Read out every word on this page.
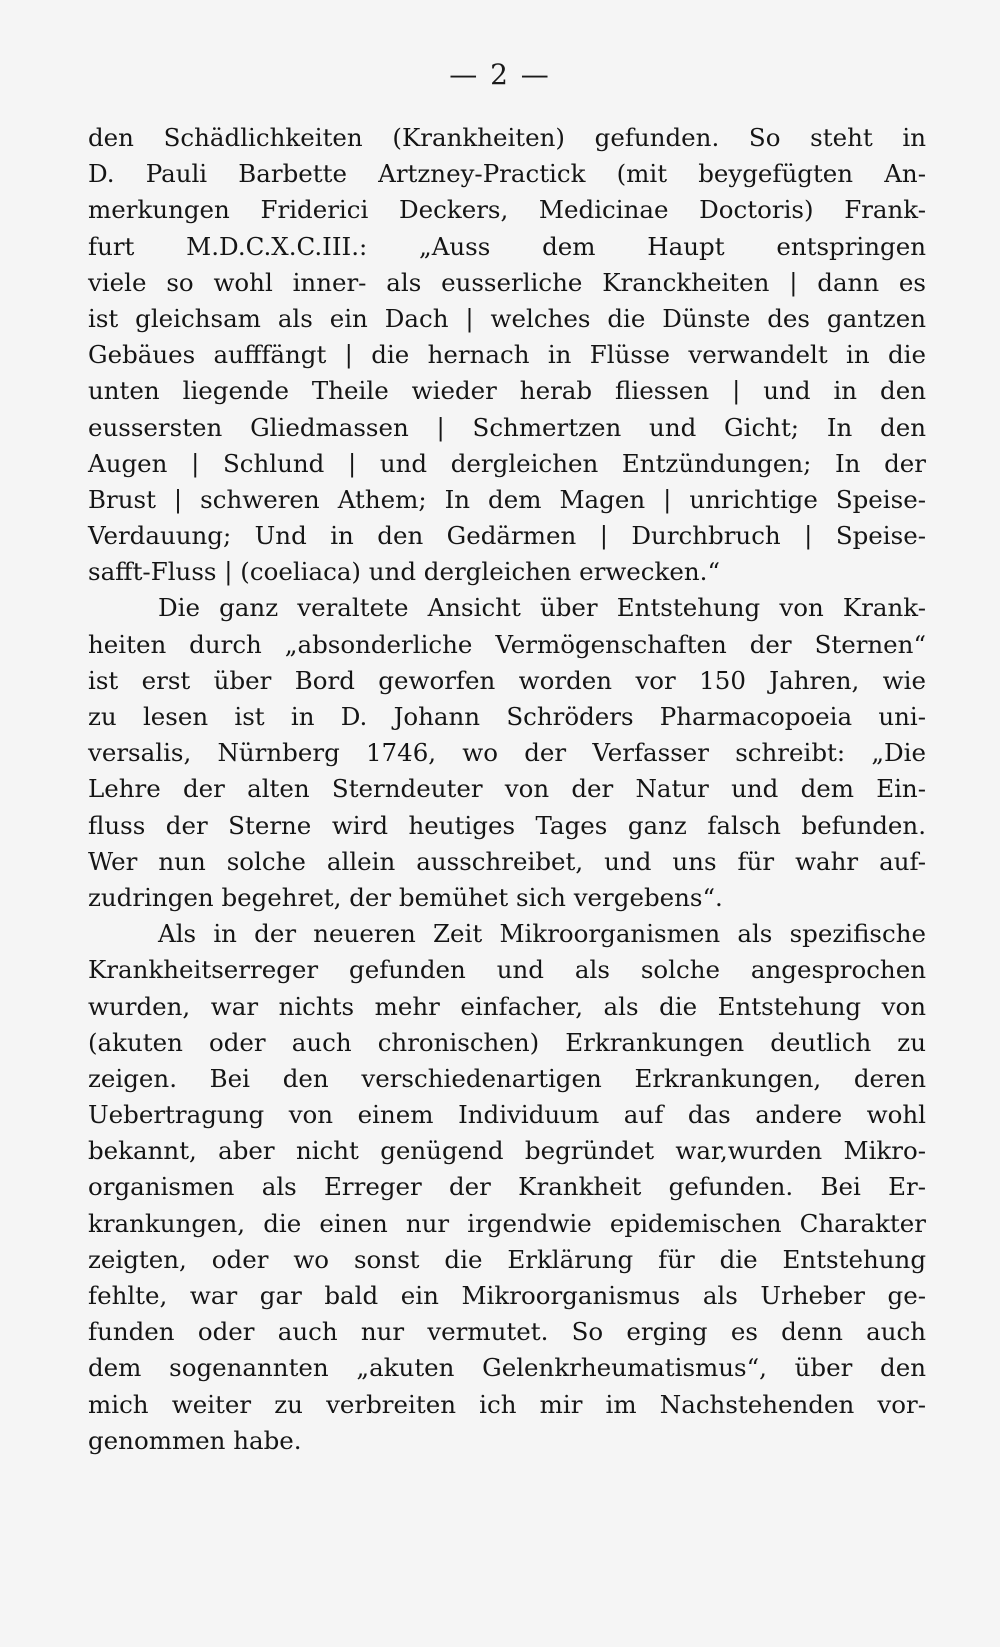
— 2 —
den Schädlichkeiten (Krankheiten) gefunden. So steht in
D. Pauli Barbette Artzney-Practick (mit beygefügten An-
merkungen Friderici Deckers, Medicinae Doctoris) Frank-
furt M.D.C.X.C.III.: „Auss dem Haupt entspringen
viele so wohl inner- als eusserliche Kranckheiten | dann es
ist gleichsam als ein Dach | welches die Dünste des gantzen
Gebäues aufffängt | die hernach in Flüsse verwandelt in die
unten liegende Theile wieder herab fliessen | und in den
eussersten Gliedmassen | Schmertzen und Gicht; In den
Augen | Schlund | und dergleichen Entzündungen; In der
Brust | schweren Athem; In dem Magen | unrichtige Speise-
Verdauung; Und in den Gedärmen | Durchbruch | Speise-
safft-Fluss | (coeliaca) und dergleichen erwecken.“
Die ganz veraltete Ansicht über Entstehung von Krank-
heiten durch „absonderliche Vermögenschaften der Sternen“
ist erst über Bord geworfen worden vor 150 Jahren, wie
zu lesen ist in D. Johann Schröders Pharmacopoeia uni-
versalis, Nürnberg 1746, wo der Verfasser schreibt: „Die
Lehre der alten Sterndeuter von der Natur und dem Ein-
fluss der Sterne wird heutiges Tages ganz falsch befunden.
Wer nun solche allein ausschreibet, und uns für wahr auf-
zudringen begehret, der bemühet sich vergebens“.
Als in der neueren Zeit Mikroorganismen als spezifische
Krankheitserreger gefunden und als solche angesprochen
wurden, war nichts mehr einfacher, als die Entstehung von
(akuten oder auch chronischen) Erkrankungen deutlich zu
zeigen. Bei den verschiedenartigen Erkrankungen, deren
Uebertragung von einem Individuum auf das andere wohl
bekannt, aber nicht genügend begründet war,wurden Mikro-
organismen als Erreger der Krankheit gefunden. Bei Er-
krankungen, die einen nur irgendwie epidemischen Charakter
zeigten, oder wo sonst die Erklärung für die Entstehung
fehlte, war gar bald ein Mikroorganismus als Urheber ge-
funden oder auch nur vermutet. So erging es denn auch
dem sogenannten „akuten Gelenkrheumatismus“, über den
mich weiter zu verbreiten ich mir im Nachstehenden vor-
genommen habe.
